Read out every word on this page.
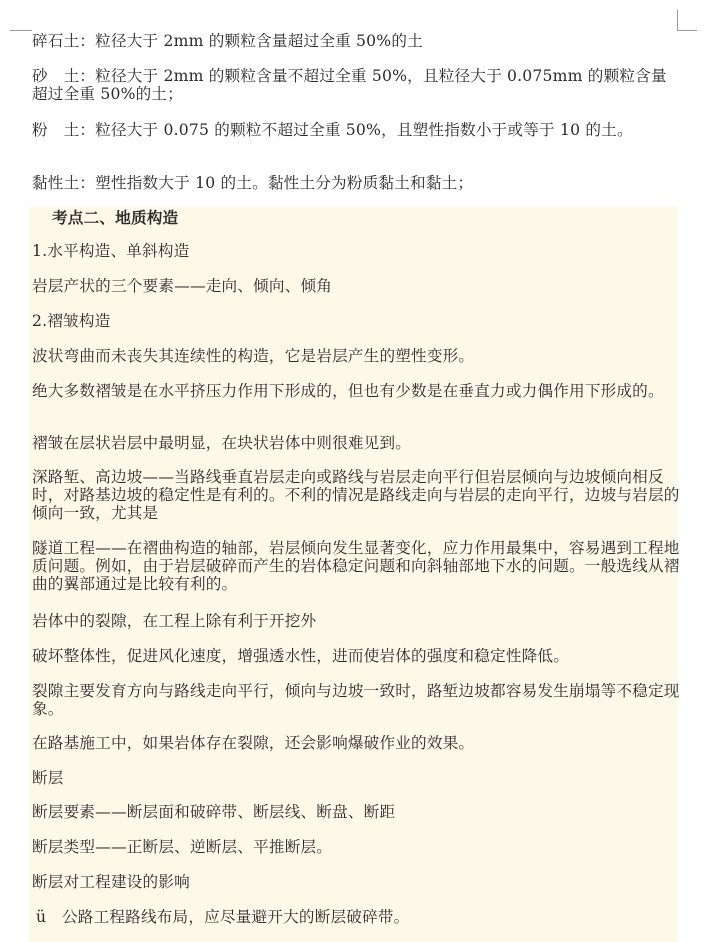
碎石土：粒径大于 2mm 的颗粒含量超过全重 50%的土

砂　土：粒径大于 2mm 的颗粒含量不超过全重 50%，且粒径大于 0.075mm 的颗粒含量超过全重 50%的土；

粉　土：粒径大于 0.075 的颗粒不超过全重 50%，且塑性指数小于或等于 10 的土。

黏性土：塑性指数大于 10 的土。黏性土分为粉质黏土和黏土；

考点二、地质构造

1.水平构造、单斜构造

岩层产状的三个要素——走向、倾向、倾角

2.褶皱构造

波状弯曲而未丧失其连续性的构造，它是岩层产生的塑性变形。

绝大多数褶皱是在水平挤压力作用下形成的，但也有少数是在垂直力或力偶作用下形成的。

褶皱在层状岩层中最明显，在块状岩体中则很难见到。

深路堑、高边坡——当路线垂直岩层走向或路线与岩层走向平行但岩层倾向与边坡倾向相反时，对路基边坡的稳定性是有利的。不利的情况是路线走向与岩层的走向平行，边坡与岩层的倾向一致，尤其是

隧道工程——在褶曲构造的轴部，岩层倾向发生显著变化，应力作用最集中，容易遇到工程地质问题。例如，由于岩层破碎而产生的岩体稳定问题和向斜轴部地下水的问题。一般选线从褶曲的翼部通过是比较有利的。

岩体中的裂隙，在工程上除有利于开挖外

破坏整体性，促进风化速度，增强透水性，进而使岩体的强度和稳定性降低。

裂隙主要发育方向与路线走向平行，倾向与边坡一致时，路堑边坡都容易发生崩塌等不稳定现象。

在路基施工中，如果岩体存在裂隙，还会影响爆破作业的效果。

断层

断层要素——断层面和破碎带、断层线、断盘、断距

断层类型——正断层、逆断层、平推断层。

断层对工程建设的影响

ü 公路工程路线布局，应尽量避开大的断层破碎带。
